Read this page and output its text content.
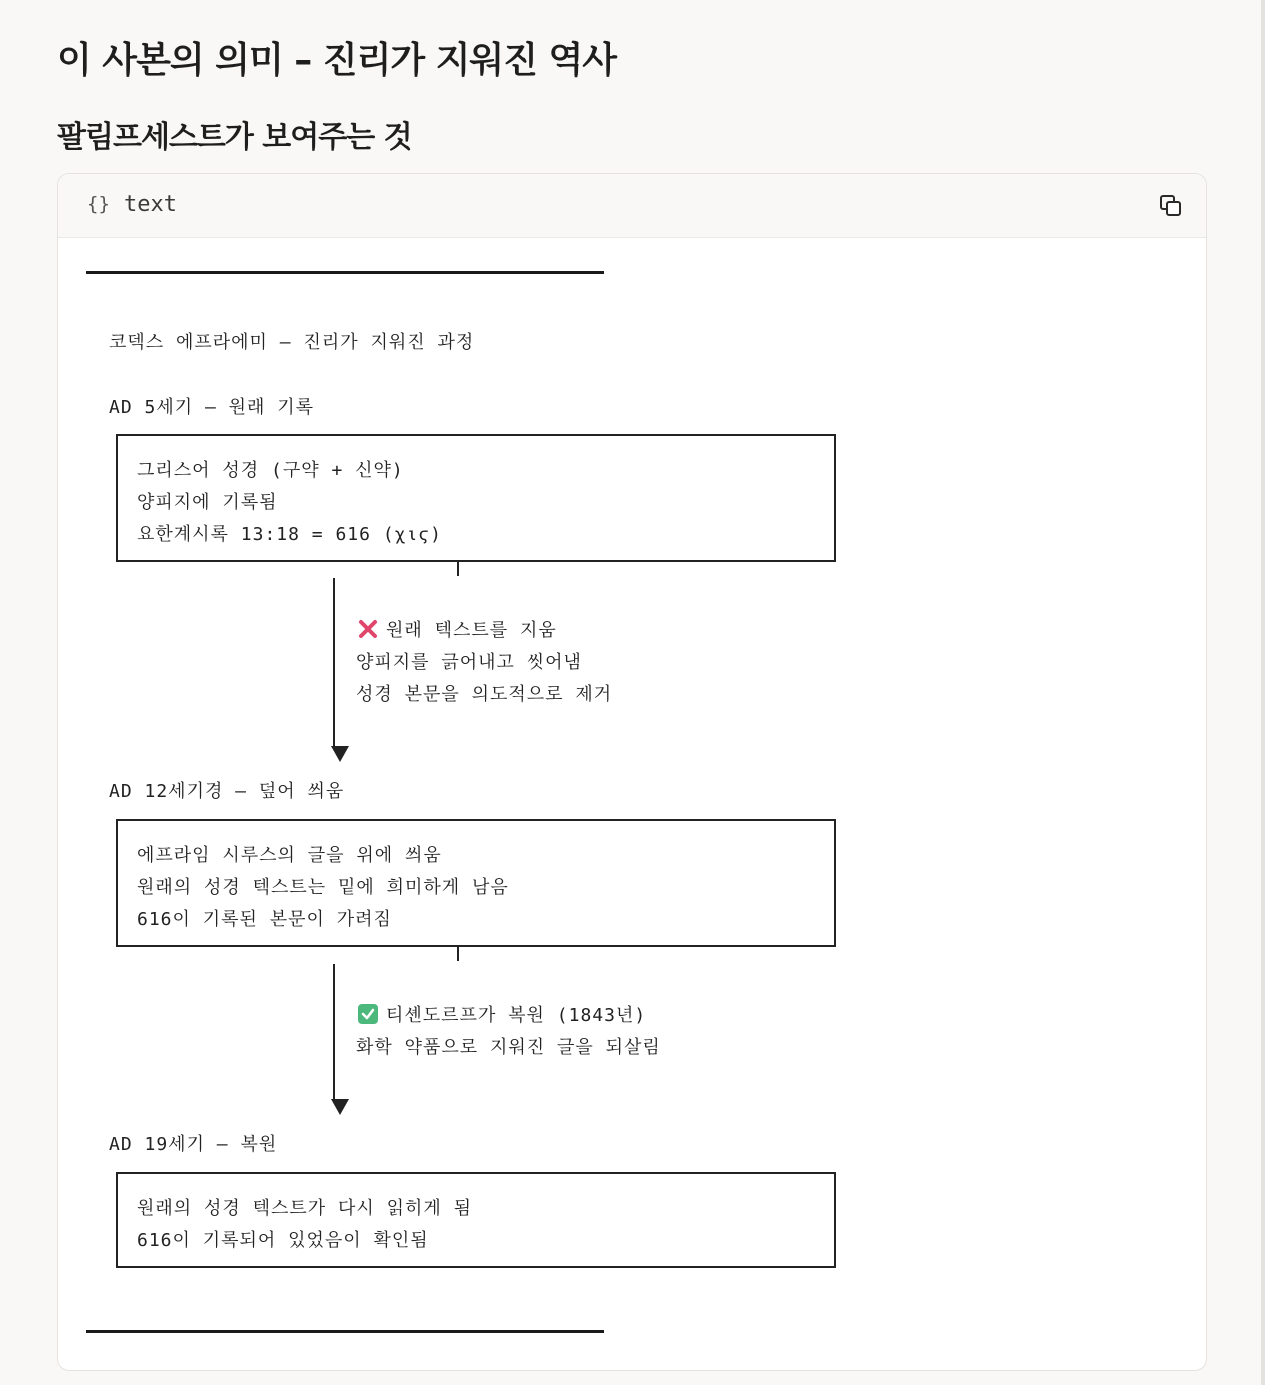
이 사본의 의미 – 진리가 지워진 역사
팔림프세스트가 보여주는 것
{} text
코덱스 에프라에미 – 진리가 지워진 과정
AD 5세기 – 원래 기록
그리스어 성경 (구약 + 신약)
양피지에 기록됨
요한계시록 13:18 = 616 (χιϛ)
원래 텍스트를 지움
양피지를 긁어내고 씻어냄
성경 본문을 의도적으로 제거
AD 12세기경 – 덮어 씌움
에프라임 시루스의 글을 위에 씌움
원래의 성경 텍스트는 밑에 희미하게 남음
616이 기록된 본문이 가려짐
티셴도르프가 복원 (1843년)
화학 약품으로 지워진 글을 되살림
AD 19세기 – 복원
원래의 성경 텍스트가 다시 읽히게 됨
616이 기록되어 있었음이 확인됨
